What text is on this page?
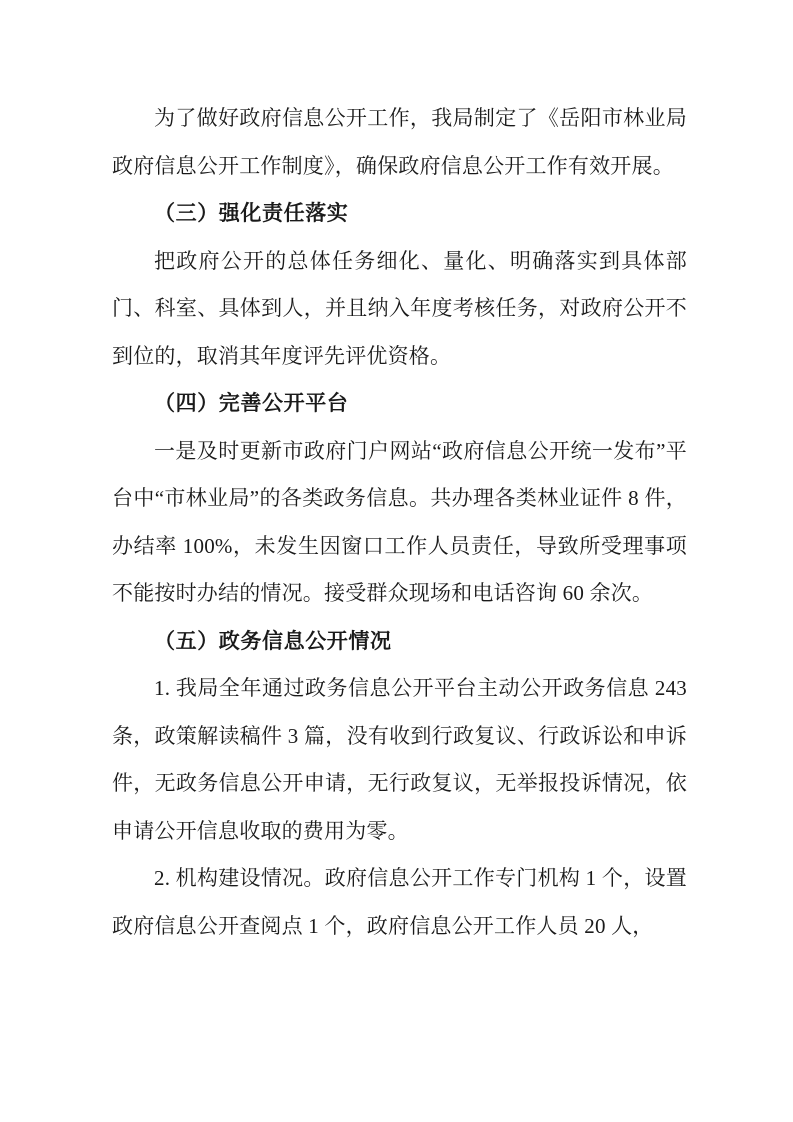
为了做好政府信息公开工作，我局制定了《岳阳市林业局政府信息公开工作制度》，确保政府信息公开工作有效开展。

（三）强化责任落实

把政府公开的总体任务细化、量化、明确落实到具体部门、科室、具体到人，并且纳入年度考核任务，对政府公开不到位的，取消其年度评先评优资格。

（四）完善公开平台

一是及时更新市政府门户网站“政府信息公开统一发布”平台中“市林业局”的各类政务信息。共办理各类林业证件 8 件，办结率 100%，未发生因窗口工作人员责任，导致所受理事项不能按时办结的情况。接受群众现场和电话咨询 60 余次。

（五）政务信息公开情况

1. 我局全年通过政务信息公开平台主动公开政务信息 243 条，政策解读稿件 3 篇，没有收到行政复议、行政诉讼和申诉件，无政务信息公开申请，无行政复议，无举报投诉情况，依申请公开信息收取的费用为零。

2. 机构建设情况。政府信息公开工作专门机构 1 个，设置政府信息公开查阅点 1 个，政府信息公开工作人员 20 人，
